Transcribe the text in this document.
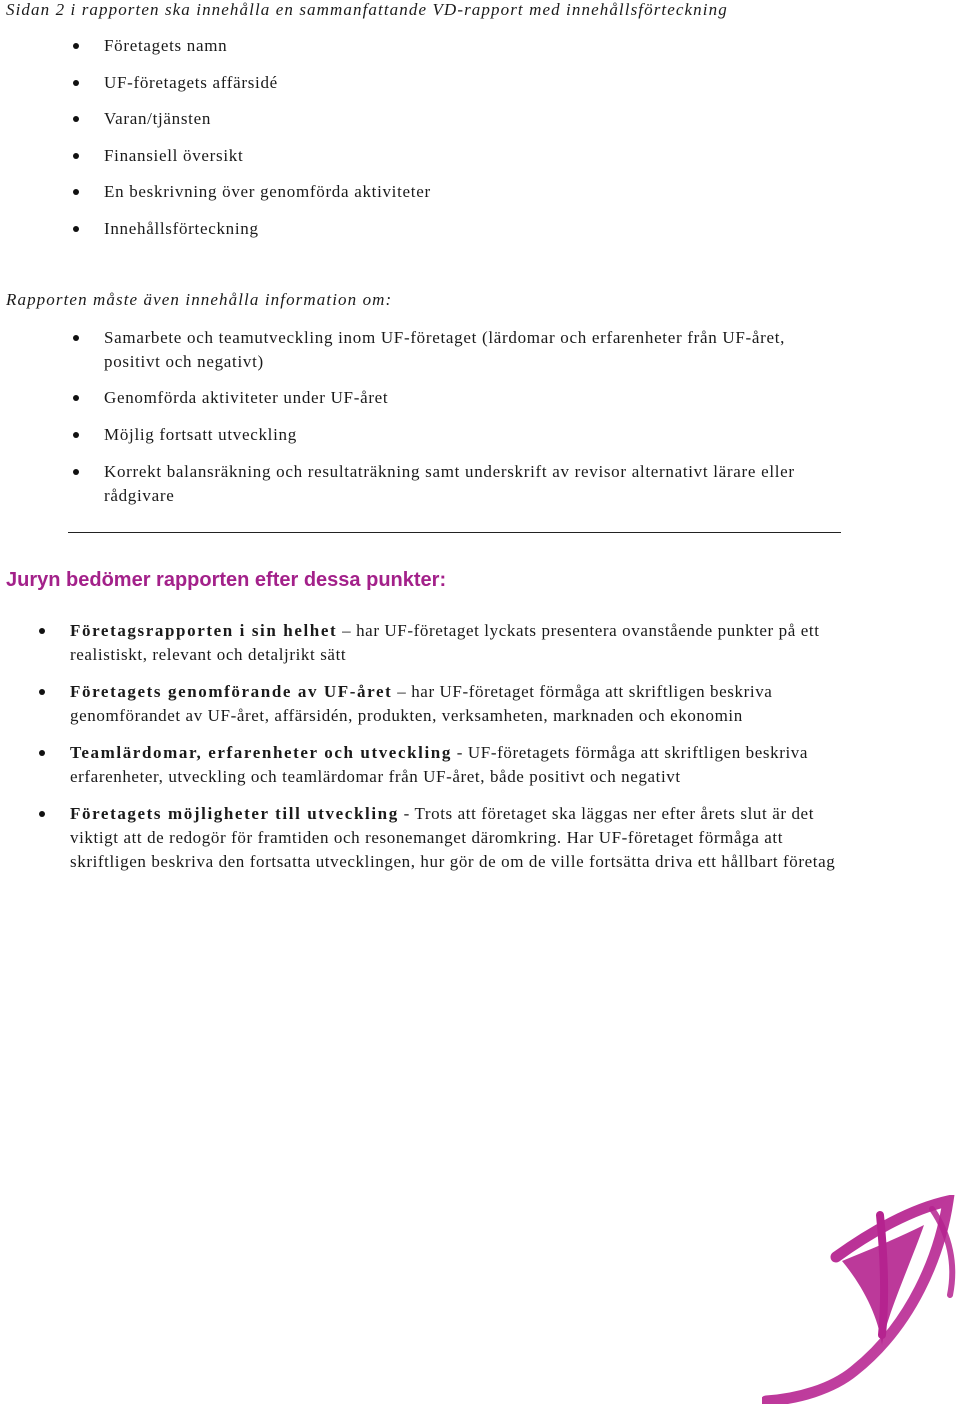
Sidan 2 i rapporten ska innehålla en sammanfattande VD-rapport med innehållsförteckning

Företagets namn
UF-företagets affärsidé
Varan/tjänsten
Finansiell översikt
En beskrivning över genomförda aktiviteter
Innehållsförteckning

Rapporten måste även innehålla information om:

Samarbete och teamutveckling inom UF-företaget (lärdomar och erfarenheter från UF-året, positivt och negativt)
Genomförda aktiviteter under UF-året
Möjlig fortsatt utveckling
Korrekt balansräkning och resultaträkning samt underskrift av revisor alternativt lärare eller rådgivare
Juryn bedömer rapporten efter dessa punkter:
Företagsrapporten i sin helhet – har UF-företaget lyckats presentera ovanstående punkter på ett realistiskt, relevant och detaljrikt sätt
Företagets genomförande av UF-året – har UF-företaget förmåga att skriftligen beskriva genomförandet av UF-året, affärsidén, produkten, verksamheten, marknaden och ekonomin
Teamlärdomar, erfarenheter och utveckling - UF-företagets förmåga att skriftligen beskriva erfarenheter, utveckling och teamlärdomar från UF-året, både positivt och negativt
Företagets möjligheter till utveckling - Trots att företaget ska läggas ner efter årets slut är det viktigt att de redogör för framtiden och resonemanget däromkring. Har UF-företaget förmåga att skriftligen beskriva den fortsatta utvecklingen, hur gör de om de ville fortsätta driva ett hållbart företag
